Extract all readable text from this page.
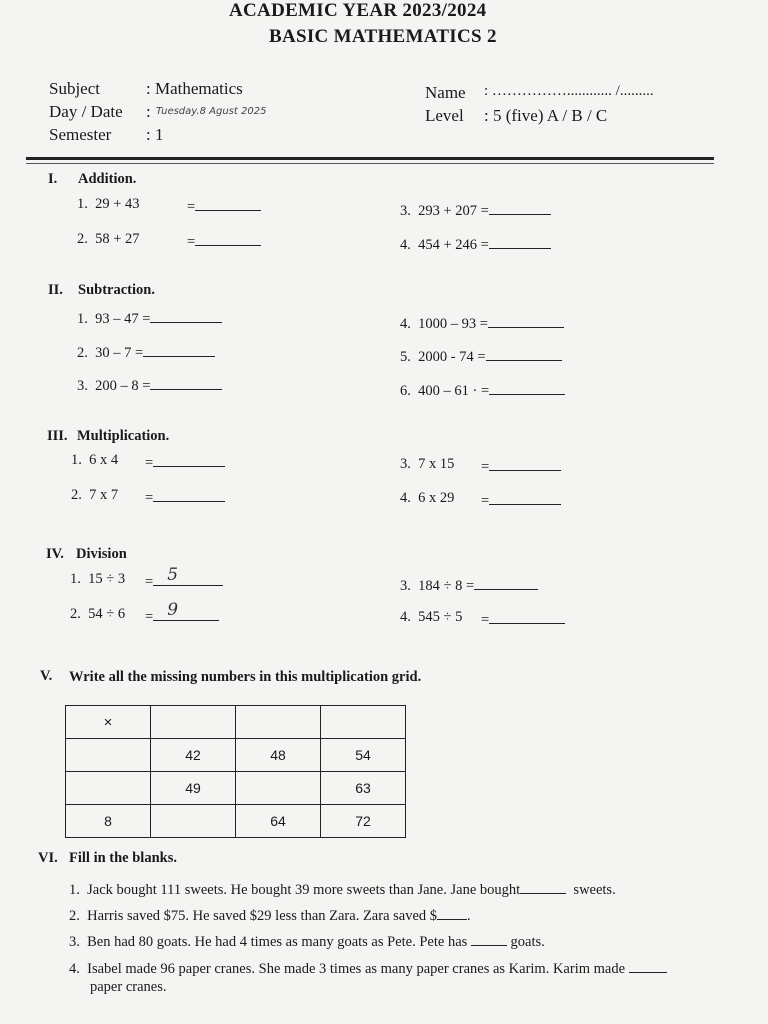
ACADEMIC YEAR 2023/2024
BASIC MATHEMATICS 2
Subject	: Mathematics
Day / Date : Tuesday.8 Agust 2025
Semester : 1
Name : ……………............ /.........
Level : 5 (five) A / B / C
I. Addition.
1. 29 + 43	=
2. 58 + 27	=
3. 293 + 207 =
4. 454 + 246 =
II. Subtraction.
1. 93 – 47 =
2. 30 – 7 =
3. 200 – 8 =
4. 1000 – 93 =
5. 2000 - 74 =
6. 400 – 61 · =
III. Multiplication.
1. 6 x 4 =
2. 7 x 7 =
3. 7 x 15 =
4. 6 x 29 =
IV. Division
1. 15 ÷ 3 = 5
2. 54 ÷ 6 = 9
3. 184 ÷ 8 =
4. 545 ÷ 5 =
V. Write all the missing numbers in this multiplication grid.
×			
	42	48	54
	49		63
8		64	72
VI. Fill in the blanks.
1. Jack bought 111 sweets. He bought 39 more sweets than Jane. Jane bought	sweets.
2. Harris saved $75. He saved $29 less than Zara. Zara saved $ .
3. Ben had 80 goats. He had 4 times as many goats as Pete. Pete has	goats.
4. Isabel made 96 paper cranes. She made 3 times as many paper cranes as Karim. Karim made
paper cranes.
